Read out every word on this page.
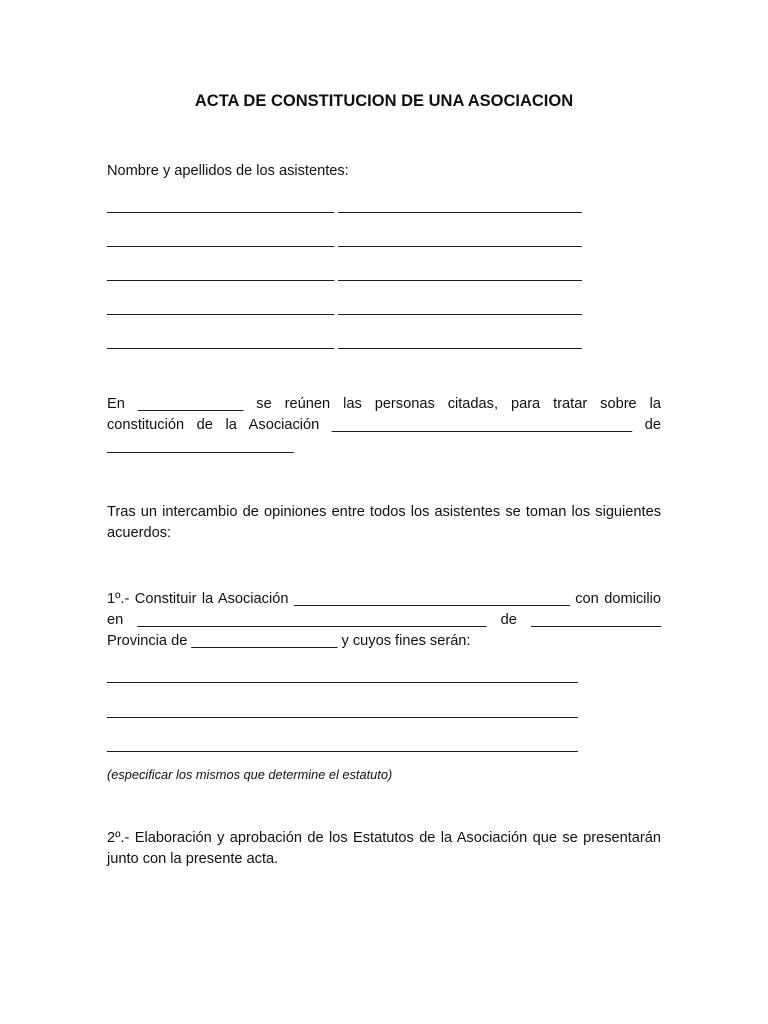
ACTA DE CONSTITUCION DE UNA ASOCIACION
Nombre y apellidos de los asistentes:
____________________________ ______________________________
____________________________ ______________________________
____________________________ ______________________________
____________________________ ______________________________
____________________________ ______________________________
En _____________ se reúnen las personas citadas, para tratar sobre la
constitución de la Asociación _____________________________________ de
_______________________
Tras un intercambio de opiniones entre todos los asistentes se toman los siguientes
acuerdos:
1º.- Constituir la Asociación __________________________________ con domicilio
en ___________________________________________ de ________________
Provincia de __________________ y cuyos fines serán:
__________________________________________________________
__________________________________________________________
__________________________________________________________
(especificar los mismos que determine el estatuto)
2º.- Elaboración y aprobación de los Estatutos de la Asociación que se presentarán
junto con la presente acta.
